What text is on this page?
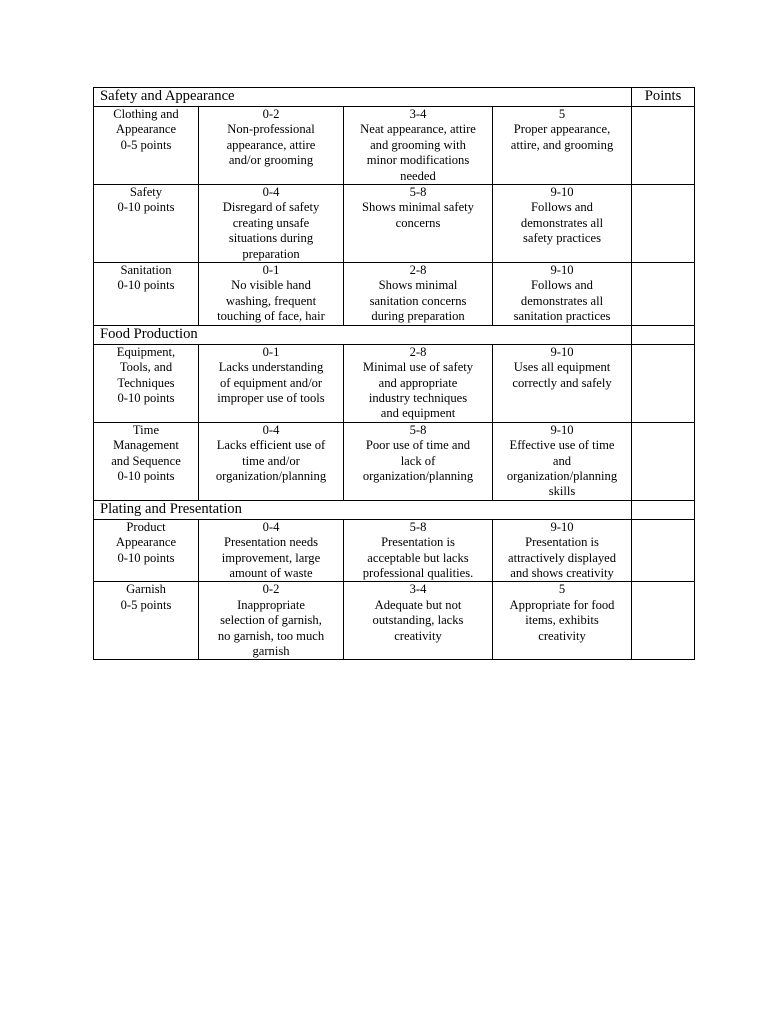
Safety and Appearance				Points

Clothing and
Appearance
0-5 points	0-2
Non-professional
appearance, attire
and/or grooming	3-4
Neat appearance, attire
and grooming with
minor modifications
needed	5
Proper appearance,
attire, and grooming	

Safety
0-10 points	0-4
Disregard of safety
creating unsafe
situations during
preparation	5-8
Shows minimal safety
concerns	9-10
Follows and
demonstrates all
safety practices	

Sanitation
0-10 points	0-1
No visible hand
washing, frequent
touching of face, hair	2-8
Shows minimal
sanitation concerns
during preparation	9-10
Follows and
demonstrates all
sanitation practices	

Food Production				

Equipment,
Tools, and
Techniques
0-10 points	0-1
Lacks understanding
of equipment and/or
improper use of tools	2-8
Minimal use of safety
and appropriate
industry techniques
and equipment	9-10
Uses all equipment
correctly and safely	

Time
Management
and Sequence
0-10 points	0-4
Lacks efficient use of
time and/or
organization/planning	5-8
Poor use of time and
lack of
organization/planning	9-10
Effective use of time
and
organization/planning
skills	

Plating and Presentation				

Product
Appearance
0-10 points	0-4
Presentation needs
improvement, large
amount of waste	5-8
Presentation is
acceptable but lacks
professional qualities.	9-10
Presentation is
attractively displayed
and shows creativity	

Garnish
0-5 points	0-2
Inappropriate
selection of garnish,
no garnish, too much
garnish	3-4
Adequate but not
outstanding, lacks
creativity	5
Appropriate for food
items, exhibits
creativity	
